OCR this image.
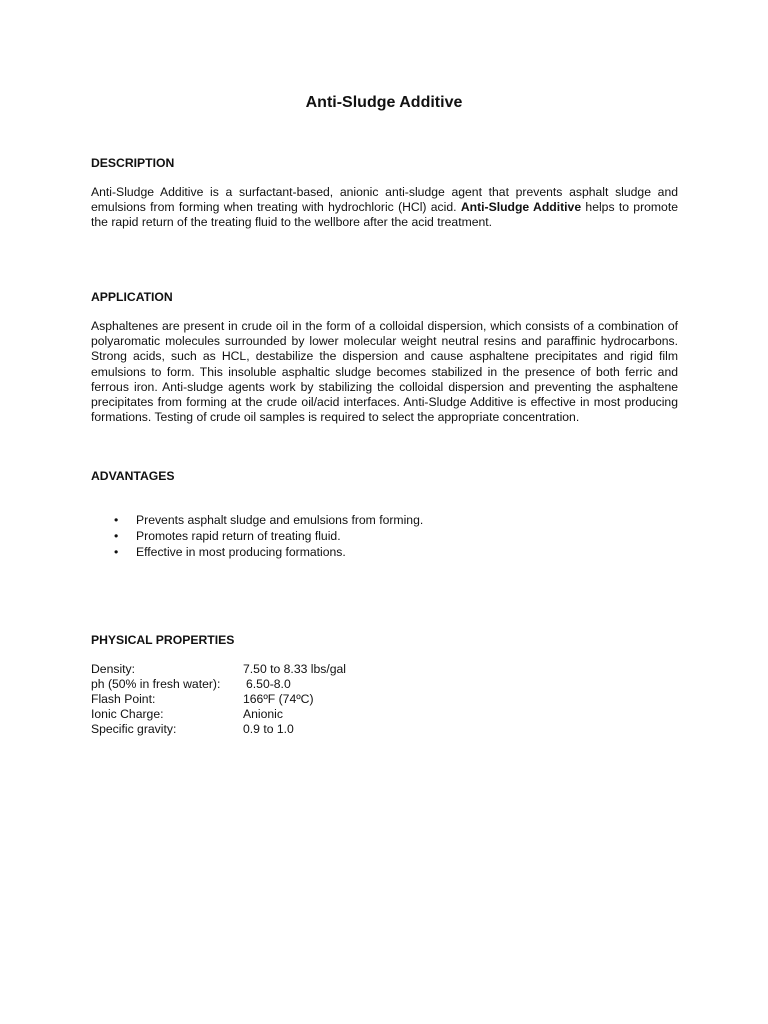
Anti-Sludge Additive
DESCRIPTION
Anti-Sludge Additive is a surfactant-based, anionic anti-sludge agent that prevents asphalt sludge and emulsions from forming when treating with hydrochloric (HCl) acid. Anti-Sludge Additive helps to promote the rapid return of the treating fluid to the wellbore after the acid treatment.
APPLICATION
Asphaltenes are present in crude oil in the form of a colloidal dispersion, which consists of a combination of polyaromatic molecules surrounded by lower molecular weight neutral resins and paraffinic hydrocarbons. Strong acids, such as HCL, destabilize the dispersion and cause asphaltene precipitates and rigid film emulsions to form. This insoluble asphaltic sludge becomes stabilized in the presence of both ferric and ferrous iron. Anti-sludge agents work by stabilizing the colloidal dispersion and preventing the asphaltene precipitates from forming at the crude oil/acid interfaces. Anti-Sludge Additive is effective in most producing formations. Testing of crude oil samples is required to select the appropriate concentration.
ADVANTAGES
• Prevents asphalt sludge and emulsions from forming.
• Promotes rapid return of treating fluid.
• Effective in most producing formations.
PHYSICAL PROPERTIES
Density:	7.50 to 8.33 lbs/gal
ph (50% in fresh water): 6.50-8.0
Flash Point:	166ºF (74ºC)
Ionic Charge:	Anionic
Specific gravity:	0.9 to 1.0
